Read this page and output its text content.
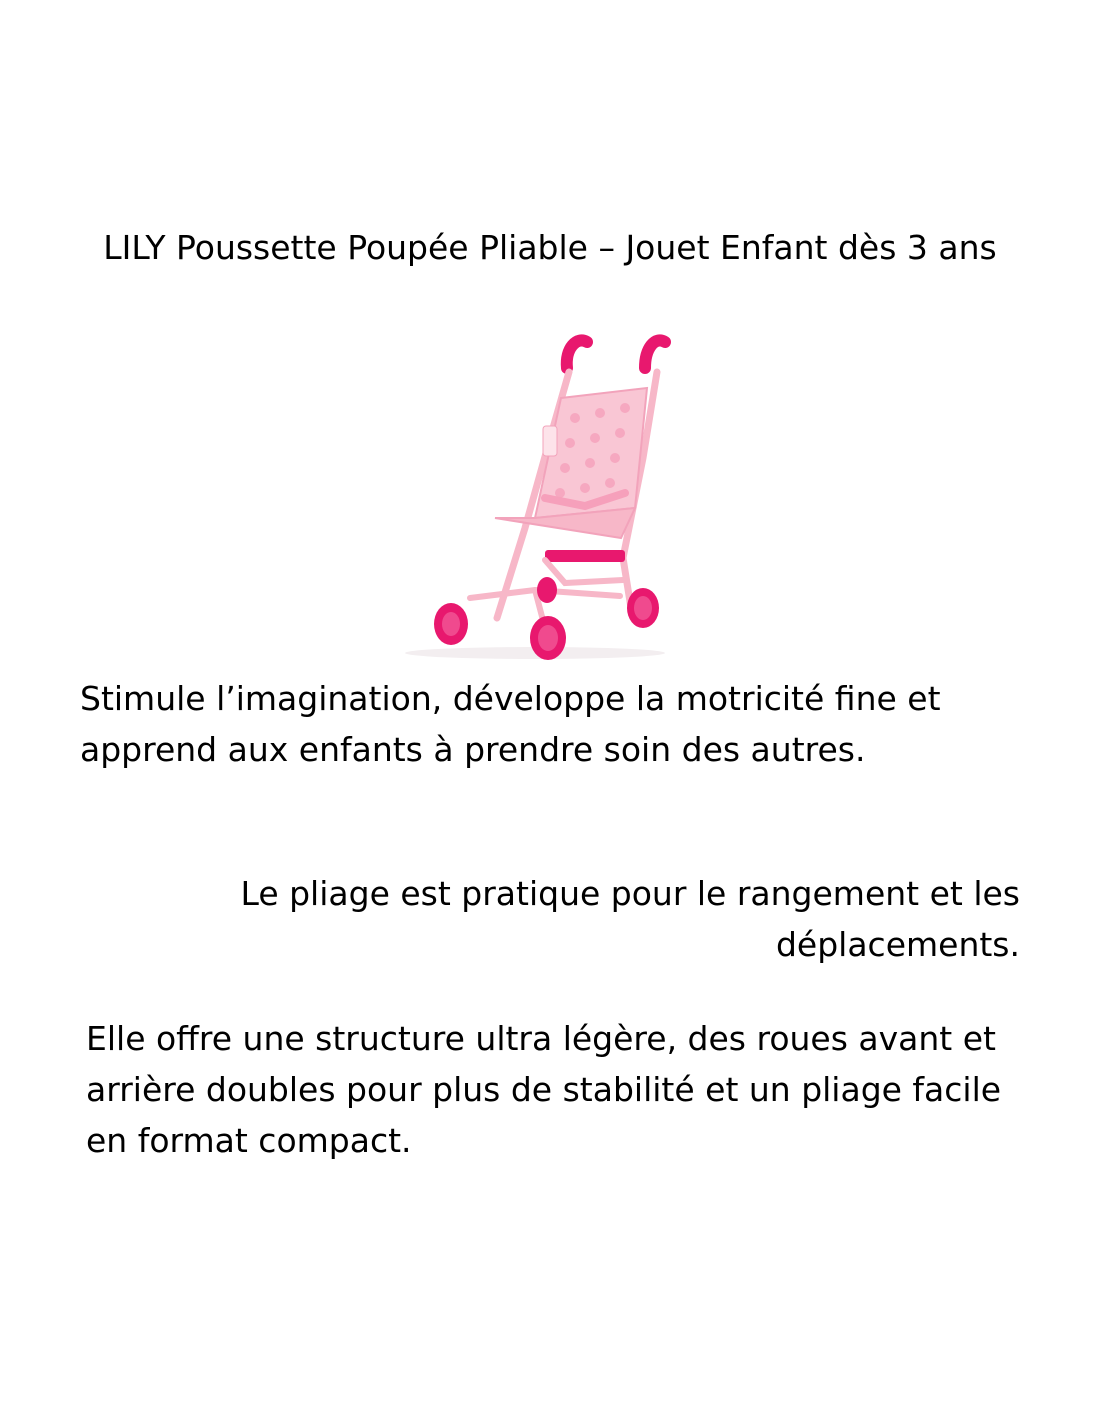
LILY Poussette Poupée Pliable – Jouet Enfant dès 3 ans

Stimule l’imagination, développe la motricité fine et apprend aux enfants à prendre soin des autres.

Le pliage est pratique pour le rangement et les déplacements.

Elle offre une structure ultra légère, des roues avant et arrière doubles pour plus de stabilité et un pliage facile en format compact.
